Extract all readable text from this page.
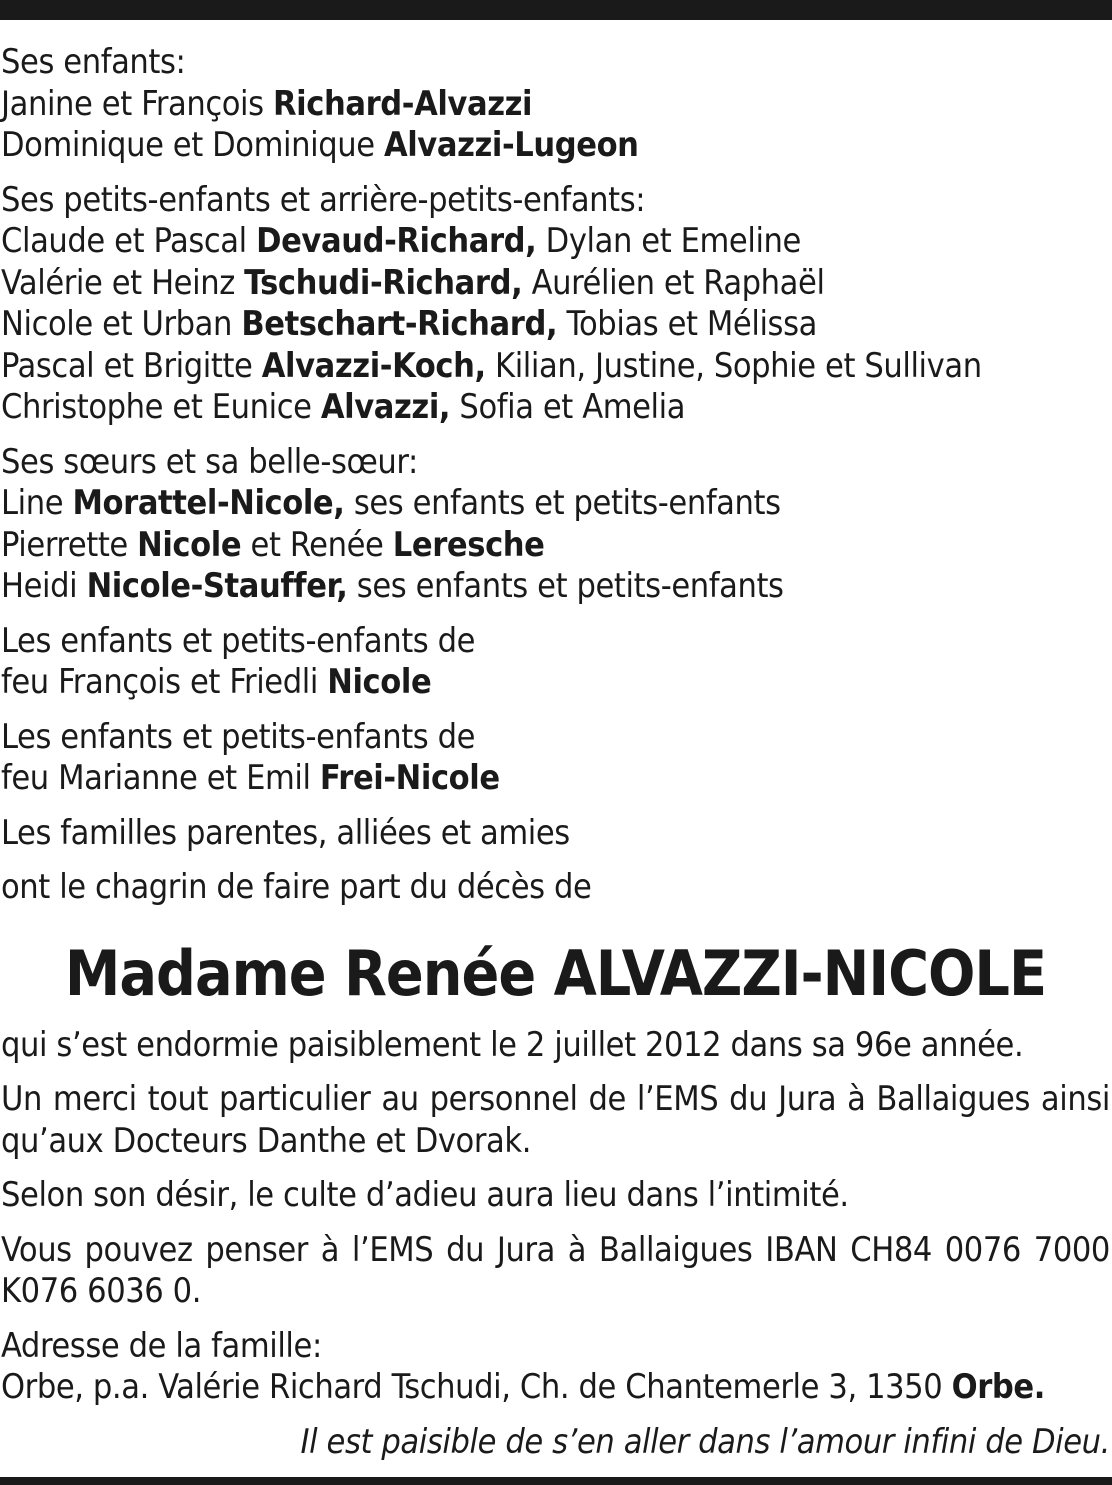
Ses enfants:
Janine et François Richard-Alvazzi
Dominique et Dominique Alvazzi-Lugeon
Ses petits-enfants et arrière-petits-enfants:
Claude et Pascal Devaud-Richard, Dylan et Emeline
Valérie et Heinz Tschudi-Richard, Aurélien et Raphaël
Nicole et Urban Betschart-Richard, Tobias et Mélissa
Pascal et Brigitte Alvazzi-Koch, Kilian, Justine, Sophie et Sullivan
Christophe et Eunice Alvazzi, Sofia et Amelia
Ses sœurs et sa belle-sœur:
Line Morattel-Nicole, ses enfants et petits-enfants
Pierrette Nicole et Renée Leresche
Heidi Nicole-Stauffer, ses enfants et petits-enfants
Les enfants et petits-enfants de
feu François et Friedli Nicole
Les enfants et petits-enfants de
feu Marianne et Emil Frei-Nicole
Les familles parentes, alliées et amies
ont le chagrin de faire part du décès de
Madame Renée ALVAZZI-NICOLE
qui s’est endormie paisiblement le 2 juillet 2012 dans sa 96e année.
Un merci tout particulier au personnel de l’EMS du Jura à Ballaigues ainsi
qu’aux Docteurs Danthe et Dvorak.
Selon son désir, le culte d’adieu aura lieu dans l’intimité.
Vous pouvez penser à l’EMS du Jura à Ballaigues IBAN CH84 0076 7000
K076 6036 0.
Adresse de la famille:
Orbe, p.a. Valérie Richard Tschudi, Ch. de Chantemerle 3, 1350 Orbe.
Il est paisible de s’en aller dans l’amour infini de Dieu.
